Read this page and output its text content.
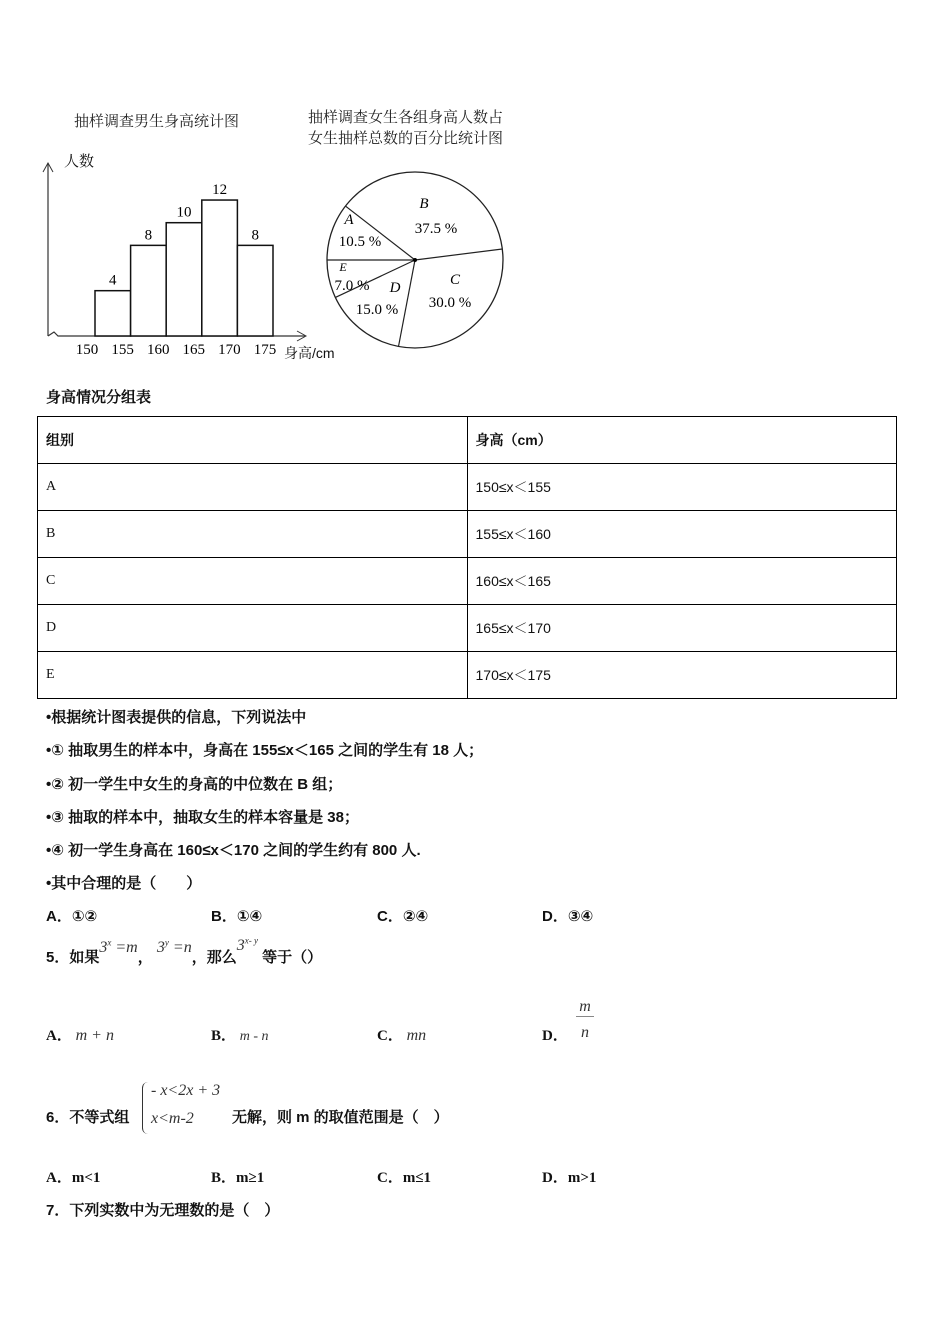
抽样调查男生身高统计图	抽样调查女生各组身高人数占
女生抽样总数的百分比统计图
4
8
10
12
8
150 155 160 165 170 175
A
10.5 %
B
37.5 %
C
30.0 %
D
15.0 %
E
7.0 %
人数
身高/cm
身高情况分组表
组别	身高（cm）
A	150≤x＜155
B	155≤x＜160
C	160≤x＜165
D	165≤x＜170
E	170≤x＜175
•根据统计图表提供的信息，下列说法中
•① 抽取男生的样本中，身高在 155≤x＜165 之间的学生有 18 人；
•② 初一学生中女生的身高的中位数在 B 组；
•③ 抽取的样本中，抽取女生的样本容量是 38；
•④ 初一学生身高在 160≤x＜170 之间的学生约有 800 人.
•其中合理的是（　　）
A．①②	B．①④	C．②④	D．③④
5．如果$3^x =m$， $3^y =n$，那么3$^{x- y}$ 等于（）
A． m + n	B． m - n	C． mn	D．
m
n
6．不等式组
- x<2x + 3
x<m-2	无解，则 m 的取值范围是（　）
A．m<1	B．m≥1	C．m≤1	D．m>1
7．下列实数中为无理数的是（　）
